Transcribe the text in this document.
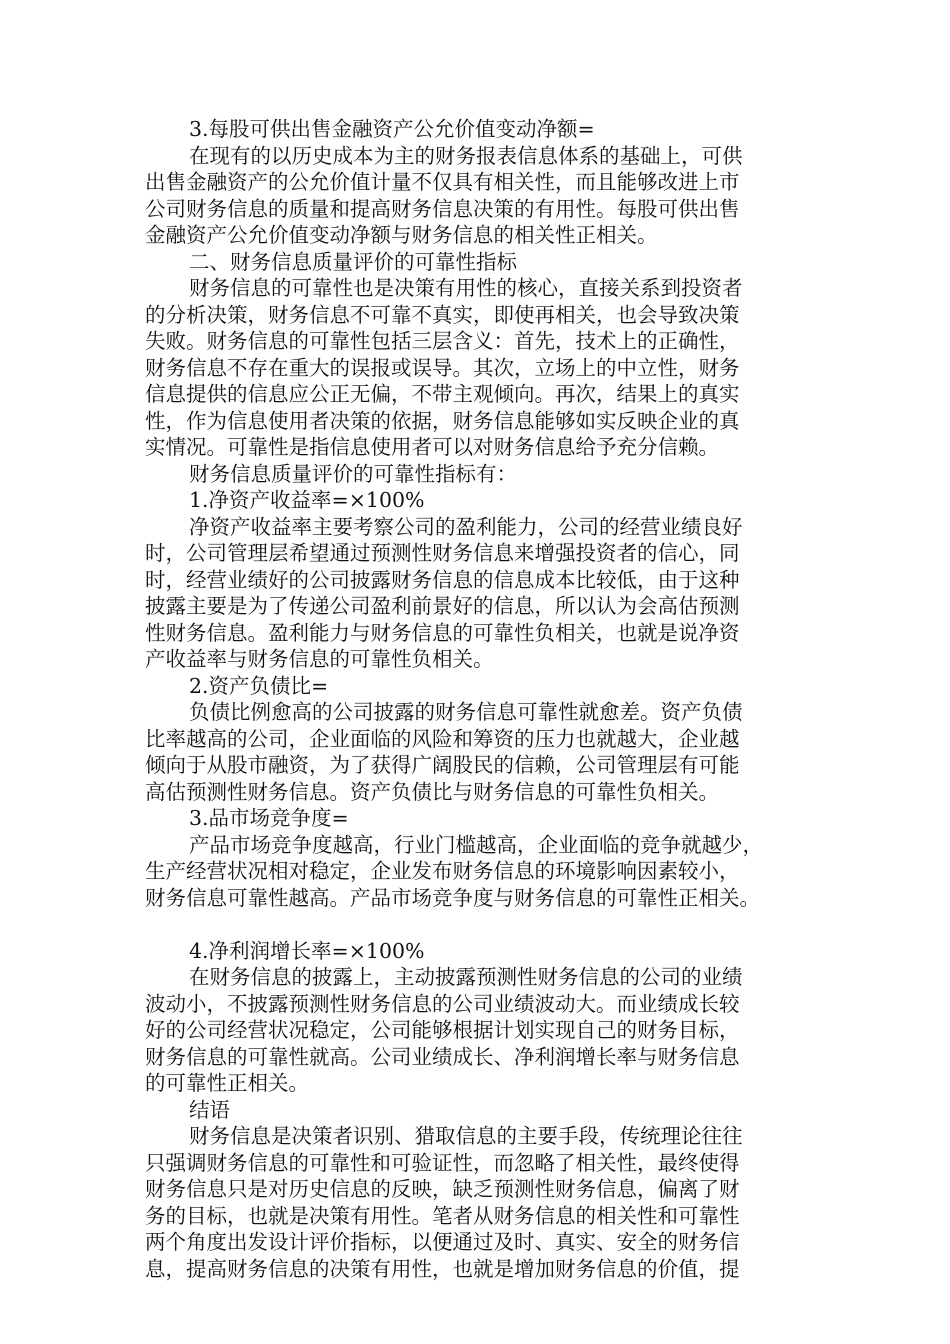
3.每股可供出售金融资产公允价值变动净额=
在现有的以历史成本为主的财务报表信息体系的基础上，可供
出售金融资产的公允价值计量不仅具有相关性，而且能够改进上市
公司财务信息的质量和提高财务信息决策的有用性。每股可供出售
金融资产公允价值变动净额与财务信息的相关性正相关。
二、财务信息质量评价的可靠性指标
财务信息的可靠性也是决策有用性的核心，直接关系到投资者
的分析决策，财务信息不可靠不真实，即使再相关，也会导致决策
失败。财务信息的可靠性包括三层含义：首先，技术上的正确性，
财务信息不存在重大的误报或误导。其次，立场上的中立性，财务
信息提供的信息应公正无偏，不带主观倾向。再次，结果上的真实
性，作为信息使用者决策的依据，财务信息能够如实反映企业的真
实情况。可靠性是指信息使用者可以对财务信息给予充分信赖。
财务信息质量评价的可靠性指标有：
1.净资产收益率=×100%
净资产收益率主要考察公司的盈利能力，公司的经营业绩良好
时，公司管理层希望通过预测性财务信息来增强投资者的信心，同
时，经营业绩好的公司披露财务信息的信息成本比较低，由于这种
披露主要是为了传递公司盈利前景好的信息，所以认为会高估预测
性财务信息。盈利能力与财务信息的可靠性负相关，也就是说净资
产收益率与财务信息的可靠性负相关。
2.资产负债比=
负债比例愈高的公司披露的财务信息可靠性就愈差。资产负债
比率越高的公司，企业面临的风险和筹资的压力也就越大，企业越
倾向于从股市融资，为了获得广阔股民的信赖，公司管理层有可能
高估预测性财务信息。资产负债比与财务信息的可靠性负相关。
3.品市场竞争度=
产品市场竞争度越高，行业门槛越高，企业面临的竞争就越少，
生产经营状况相对稳定，企业发布财务信息的环境影响因素较小，
财务信息可靠性越高。产品市场竞争度与财务信息的可靠性正相关。
4.净利润增长率=×100%
在财务信息的披露上，主动披露预测性财务信息的公司的业绩
波动小，不披露预测性财务信息的公司业绩波动大。而业绩成长较
好的公司经营状况稳定，公司能够根据计划实现自己的财务目标，
财务信息的可靠性就高。公司业绩成长、净利润增长率与财务信息
的可靠性正相关。
结语
财务信息是决策者识别、猎取信息的主要手段，传统理论往往
只强调财务信息的可靠性和可验证性，而忽略了相关性，最终使得
财务信息只是对历史信息的反映，缺乏预测性财务信息，偏离了财
务的目标，也就是决策有用性。笔者从财务信息的相关性和可靠性
两个角度出发设计评价指标，以便通过及时、真实、安全的财务信
息，提高财务信息的决策有用性，也就是增加财务信息的价值，提
